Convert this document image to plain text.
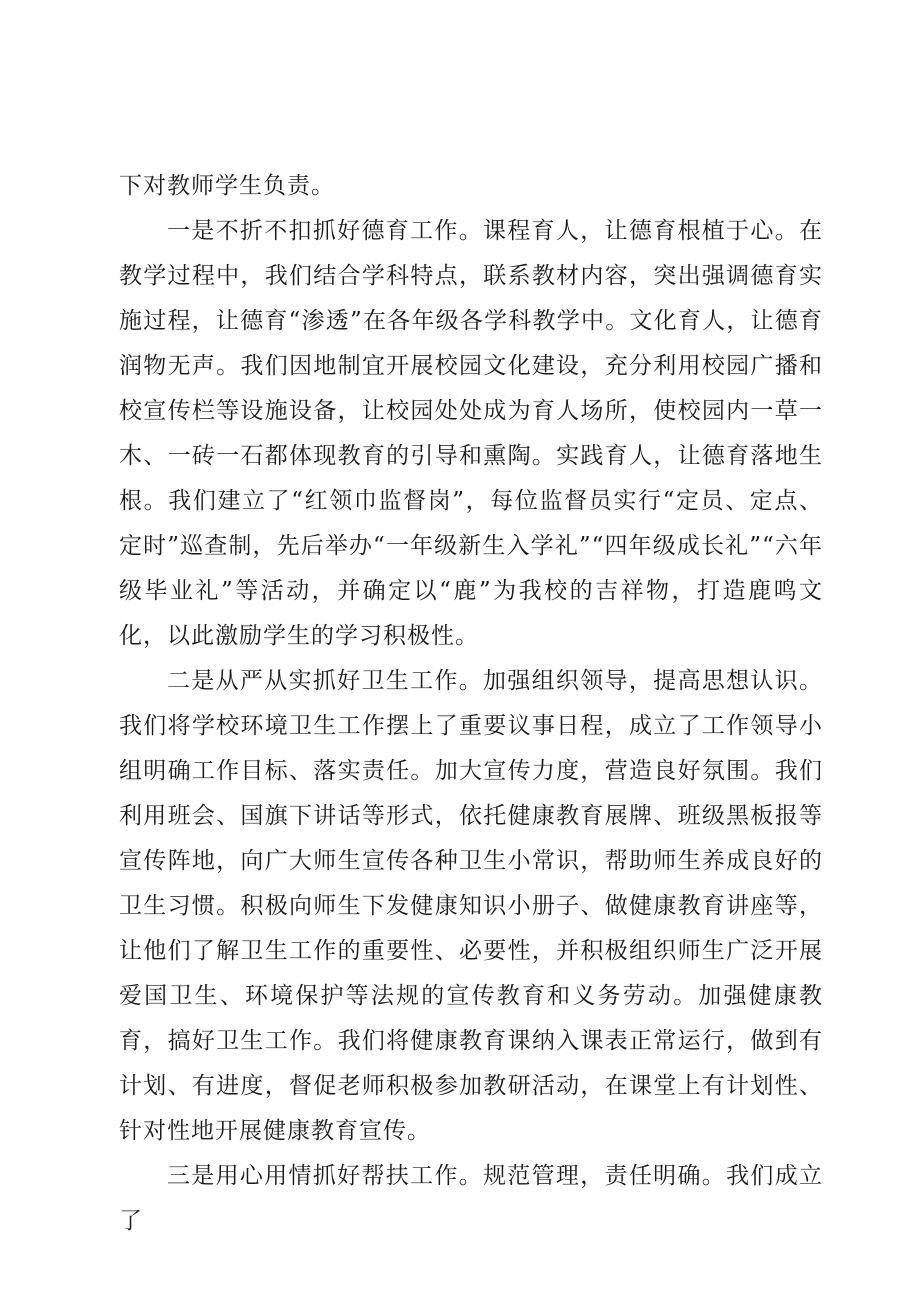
下对教师学生负责。

一是不折不扣抓好德育工作。课程育人，让德育根植于心。在教学过程中，我们结合学科特点，联系教材内容，突出强调德育实施过程，让德育“渗透”在各年级各学科教学中。文化育人，让德育润物无声。我们因地制宜开展校园文化建设，充分利用校园广播和校宣传栏等设施设备，让校园处处成为育人场所，使校园内一草一木、一砖一石都体现教育的引导和熏陶。实践育人，让德育落地生根。我们建立了“红领巾监督岗”，每位监督员实行“定员、定点、定时”巡查制，先后举办“一年级新生入学礼”“四年级成长礼”“六年级毕业礼”等活动，并确定以“鹿”为我校的吉祥物，打造鹿鸣文化，以此激励学生的学习积极性。

二是从严从实抓好卫生工作。加强组织领导，提高思想认识。我们将学校环境卫生工作摆上了重要议事日程，成立了工作领导小组明确工作目标、落实责任。加大宣传力度，营造良好氛围。我们利用班会、国旗下讲话等形式，依托健康教育展牌、班级黑板报等宣传阵地，向广大师生宣传各种卫生小常识，帮助师生养成良好的卫生习惯。积极向师生下发健康知识小册子、做健康教育讲座等，让他们了解卫生工作的重要性、必要性，并积极组织师生广泛开展爱国卫生、环境保护等法规的宣传教育和义务劳动。加强健康教育，搞好卫生工作。我们将健康教育课纳入课表正常运行，做到有计划、有进度，督促老师积极参加教研活动，在课堂上有计划性、针对性地开展健康教育宣传。

三是用心用情抓好帮扶工作。规范管理，责任明确。我们成立了
